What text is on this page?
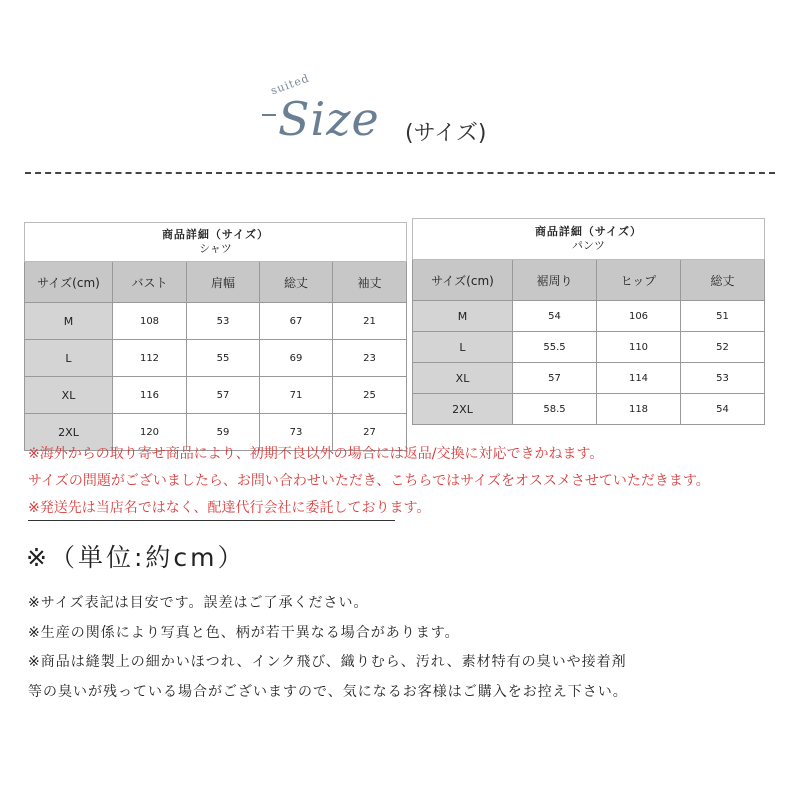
suited
Size (サイズ)
商品詳細（サイズ）
シャツ				

サイズ(cm)	バスト	肩幅	総丈	袖丈
M	108	53	67	21
L	112	55	69	23
XL	116	57	71	25
2XL	120	59	73	27
商品詳細（サイズ）
パンツ			

サイズ(cm)	裾周り	ヒップ	総丈
M	54	106	51
L	55.5	110	52
XL	57	114	53
2XL	58.5	118	54
※海外からの取り寄せ商品により、初期不良以外の場合には返品/交換に対応できかねます。
サイズの問題がございましたら、お問い合わせいただき、こちらではサイズをオススメさせていただきます。
※発送先は当店名ではなく、配達代行会社に委託しております。
※（単位:約cm）
※サイズ表記は目安です。誤差はご了承ください。
※生産の関係により写真と色、柄が若干異なる場合があります。
※商品は縫製上の細かいほつれ、インク飛び、織りむら、汚れ、素材特有の臭いや接着剤
等の臭いが残っている場合がございますので、気になるお客様はご購入をお控え下さい。
